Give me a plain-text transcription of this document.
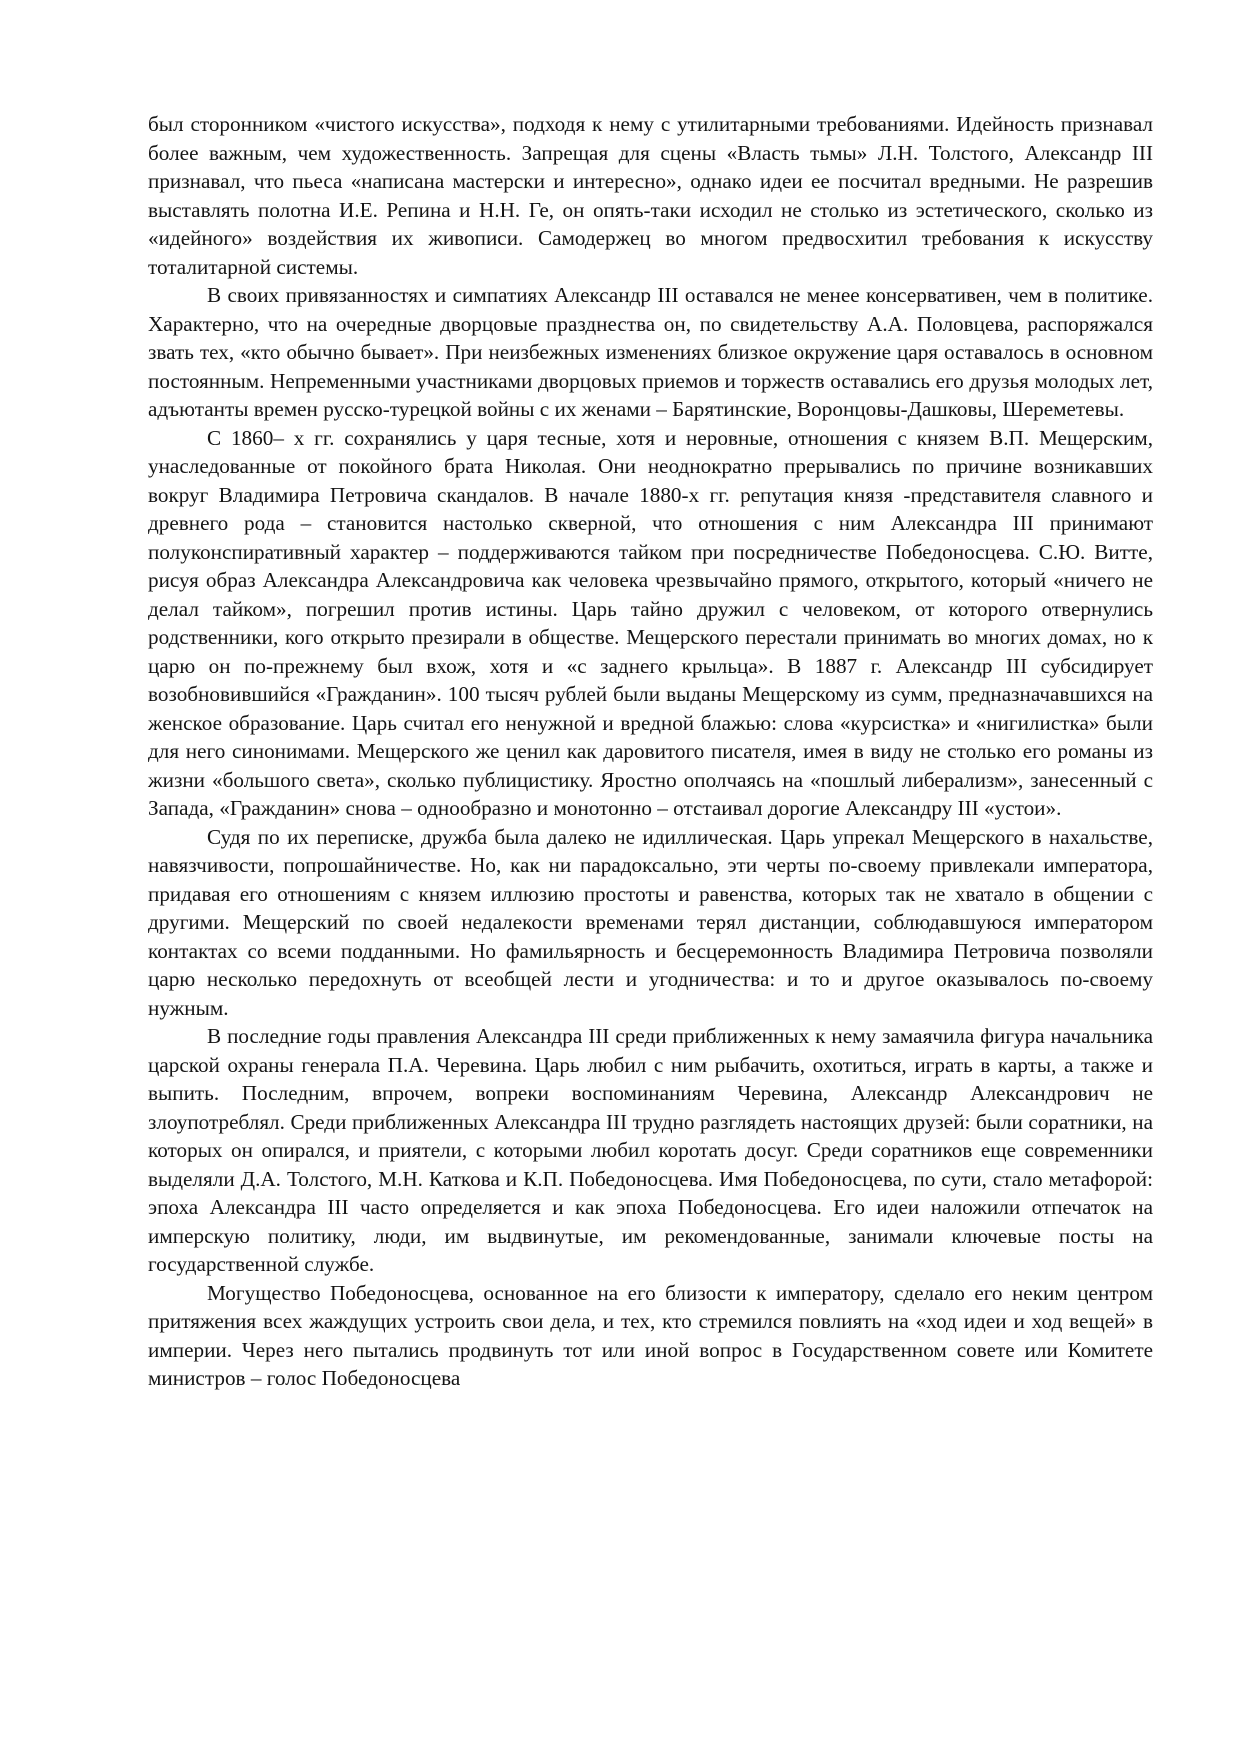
был сторонником «чистого искусства», подходя к нему с утилитарными требованиями. Идейность признавал более важным, чем художественность. Запрещая для сцены «Власть тьмы» Л.Н. Толстого, Александр III признавал, что пьеса «написана мастерски и интересно», однако идеи ее посчитал вредными. Не разрешив выставлять полотна И.Е. Репина и Н.Н. Ге, он опять-таки исходил не столько из эстетического, сколько из «идейного» воздействия их живописи. Самодержец во многом предвосхитил требования к искусству тоталитарной системы.

В своих привязанностях и симпатиях Александр III оставался не менее консервативен, чем в политике. Характерно, что на очередные дворцовые празднества он, по свидетельству А.А. Половцева, распоряжался звать тех, «кто обычно бывает». При неизбежных изменениях близкое окружение царя оставалось в основном постоянным. Непременными участниками дворцовых приемов и торжеств оставались его друзья молодых лет, адъютанты времен русско-турецкой войны с их женами – Барятинские, Воронцовы-Дашковы, Шереметевы.

С 1860– х гг. сохранялись у царя тесные, хотя и неровные, отношения с князем В.П. Мещерским, унаследованные от покойного брата Николая. Они неоднократно прерывались по причине возникавших вокруг Владимира Петровича скандалов. В начале 1880-х гг. репутация князя -представителя славного и древнего рода – становится настолько скверной, что отношения с ним Александра III принимают полуконспиративный характер – поддерживаются тайком при посредничестве Победоносцева. С.Ю. Витте, рисуя образ Александра Александровича как человека чрезвычайно прямого, открытого, который «ничего не делал тайком», погрешил против истины. Царь тайно дружил с человеком, от которого отвернулись родственники, кого открыто презирали в обществе. Мещерского перестали принимать во многих домах, но к царю он по-прежнему был вхож, хотя и «с заднего крыльца». В 1887 г. Александр III субсидирует возобновившийся «Гражданин». 100 тысяч рублей были выданы Мещерскому из сумм, предназначавшихся на женское образование. Царь считал его ненужной и вредной блажью: слова «курсистка» и «нигилистка» были для него синонимами. Мещерского же ценил как даровитого писателя, имея в виду не столько его романы из жизни «большого света», сколько публицистику. Яростно ополчаясь на «пошлый либерализм», занесенный с Запада, «Гражданин» снова – однообразно и монотонно – отстаивал дорогие Александру III «устои».

Судя по их переписке, дружба была далеко не идиллическая. Царь упрекал Мещерского в нахальстве, навязчивости, попрошайничестве. Но, как ни парадоксально, эти черты по-своему привлекали императора, придавая его отношениям с князем иллюзию простоты и равенства, которых так не хватало в общении с другими. Мещерский по своей недалекости временами терял дистанции, соблюдавшуюся императором контактах со всеми подданными. Но фамильярность и бесцеремонность Владимира Петровича позволяли царю несколько передохнуть от всеобщей лести и угодничества: и то и другое оказывалось по-своему нужным.

В последние годы правления Александра III среди приближенных к нему замаячила фигура начальника царской охраны генерала П.А. Черевина. Царь любил с ним рыбачить, охотиться, играть в карты, а также и выпить. Последним, впрочем, вопреки воспоминаниям Черевина, Александр Александрович не злоупотреблял. Среди приближенных Александра III трудно разглядеть настоящих друзей: были соратники, на которых он опирался, и приятели, с которыми любил коротать досуг. Среди соратников еще современники выделяли Д.А. Толстого, М.Н. Каткова и К.П. Победоносцева. Имя Победоносцева, по сути, стало метафорой: эпоха Александра III часто определяется и как эпоха Победоносцева. Его идеи наложили отпечаток на имперскую политику, люди, им выдвинутые, им рекомендованные, занимали ключевые посты на государственной службе.

Могущество Победоносцева, основанное на его близости к императору, сделало его неким центром притяжения всех жаждущих устроить свои дела, и тех, кто стремился повлиять на «ход идеи и ход вещей» в империи. Через него пытались продвинуть тот или иной вопрос в Государственном совете или Комитете министров – голос Победоносцева
